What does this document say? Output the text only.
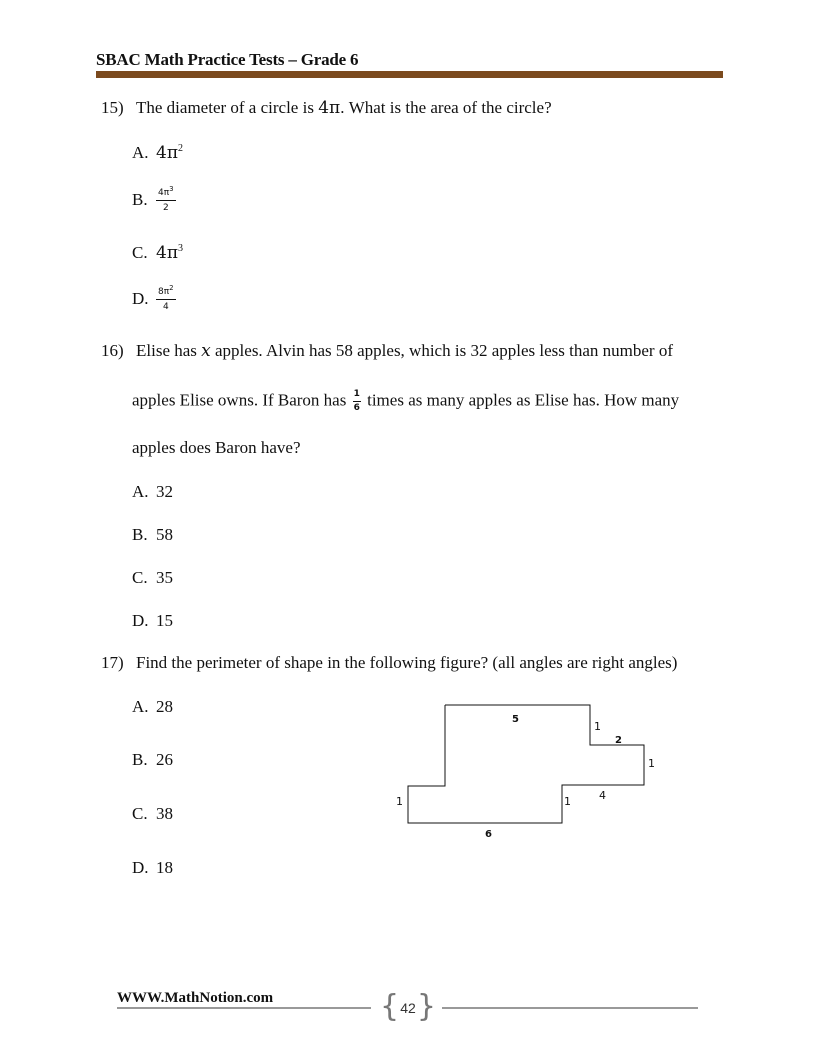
SBAC Math Practice Tests – Grade 6
15) The diameter of a circle is 4π. What is the area of the circle?
A. $4\pi^2$
B. $\frac{4\pi^3}{2}$
C. $4\pi^3$
D. $\frac{8\pi^2}{4}$
16) Elise has x apples. Alvin has 58 apples, which is 32 apples less than number of
apples Elise owns. If Baron has $\frac{1}{6}$ times as many apples as Elise has. How many
apples does Baron have?
A. 32
B. 58
C. 35
D. 15
17) Find the perimeter of shape in the following figure? (all angles are right angles)
A. 28
B. 26
C. 38
D. 18
5
1
2
1
4
1
1
6
WWW.MathNotion.com	{ 42 }
